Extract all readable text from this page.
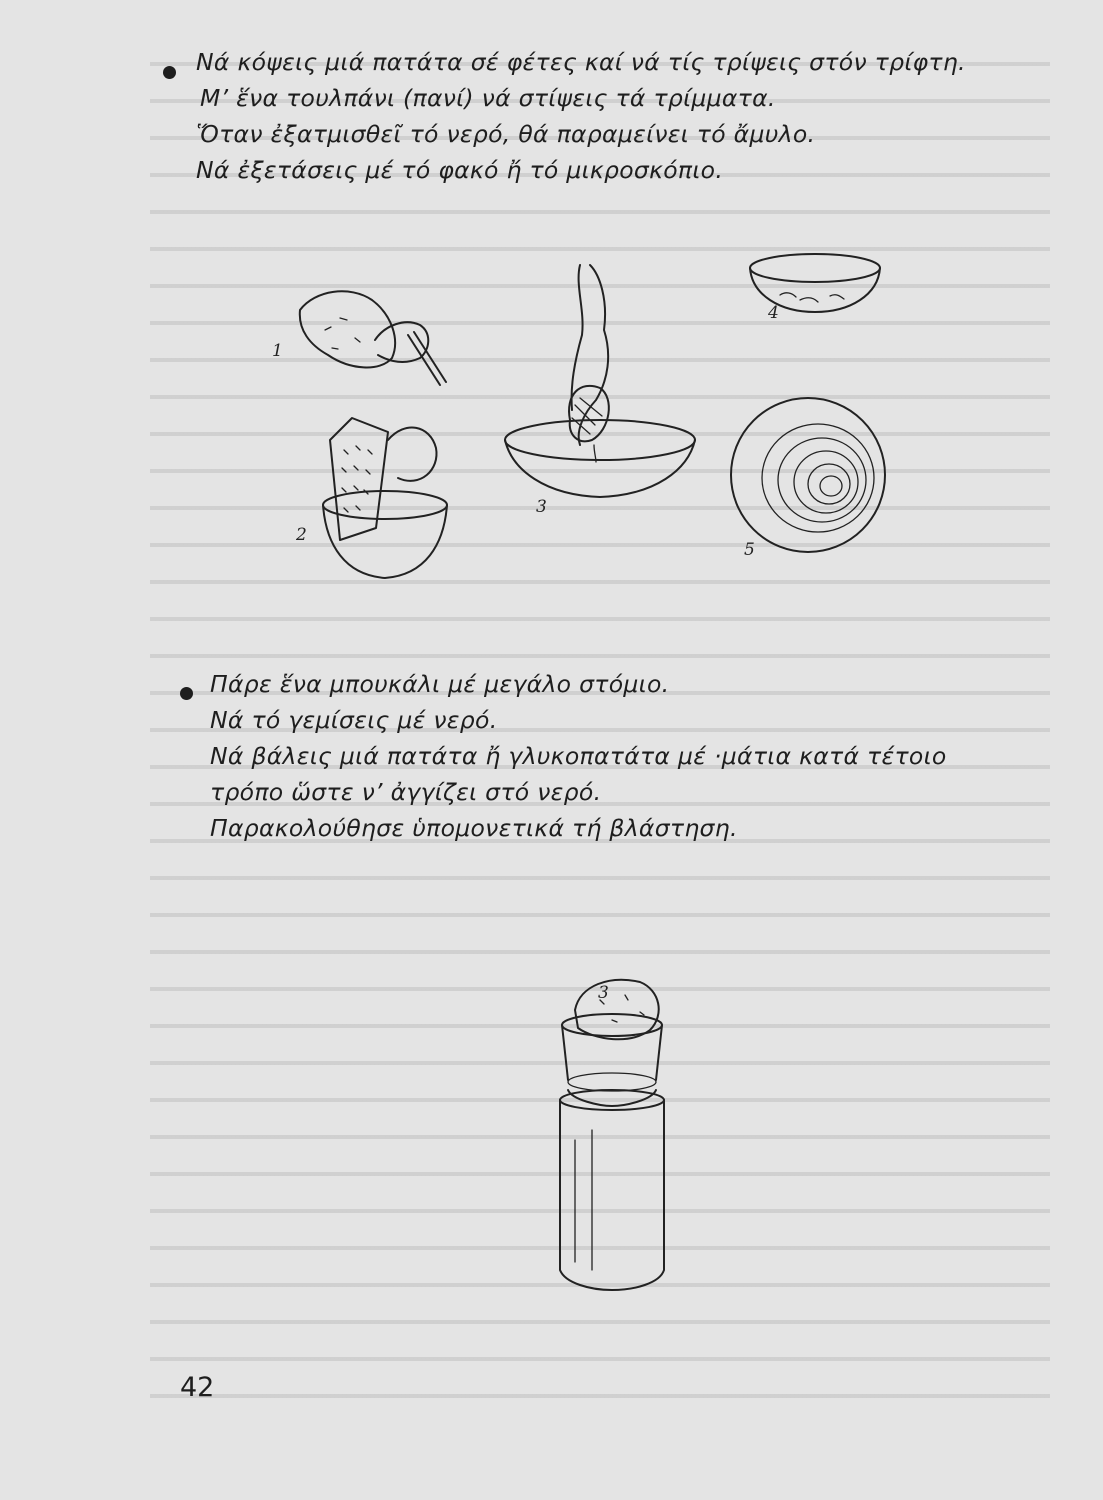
Νά κόψεις μιά πατάτα σέ φέτες καί νά τίς τρίψεις στόν τρίφτη.

Μ’ ἕνα τουλπάνι (πανί) νά στίψεις τά τρίμματα.

Ὅταν ἐξατμισθεῖ τό νερό, θά παραμείνει τό ἄμυλο.

Νά ἐξετάσεις μέ τό φακό ἤ τό μικροσκόπιο.

1
2
3
4
5

Πάρε ἕνα μπουκάλι μέ μεγάλο στόμιο.

Νά τό γεμίσεις μέ νερό.

Νά βάλεις μιά πατάτα ἤ γλυκοπατάτα μέ ·μάτια κατά τέτοιο

τρόπο ὥστε ν’ ἀγγίζει στό νερό.

Παρακολούθησε ὑπομονετικά τή βλάστηση.

3

42
